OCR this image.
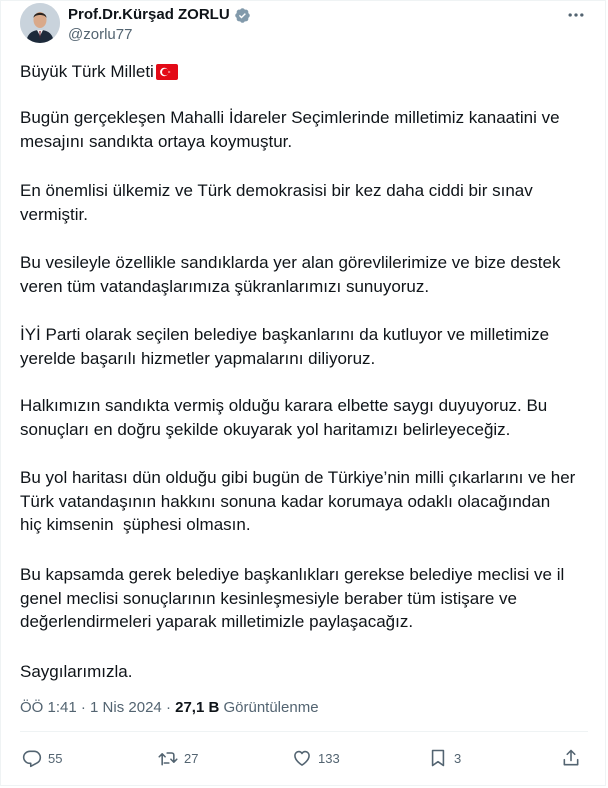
Prof.Dr.Kürşad ZORLU
@zorlu77

Büyük Türk Milleti

Bugün gerçekleşen Mahalli İdareler Seçimlerinde milletimiz kanaatini ve
mesajını sandıkta ortaya koymuştur.

En önemlisi ülkemiz ve Türk demokrasisi bir kez daha ciddi bir sınav
vermiştir.

Bu vesileyle özellikle sandıklarda yer alan görevlilerimize ve bize destek
veren tüm vatandaşlarımıza şükranlarımızı sunuyoruz.

İYİ Parti olarak seçilen belediye başkanlarını da kutluyor ve milletimize
yerelde başarılı hizmetler yapmalarını diliyoruz.

Halkımızın sandıkta vermiş olduğu karara elbette saygı duyuyoruz. Bu
sonuçları en doğru şekilde okuyarak yol haritamızı belirleyeceğiz.

Bu yol haritası dün olduğu gibi bugün de Türkiye’nin milli çıkarlarını ve her
Türk vatandaşının hakkını sonuna kadar korumaya odaklı olacağından
hiç kimsenin  şüphesi olmasın.

Bu kapsamda gerek belediye başkanlıkları gerekse belediye meclisi ve il
genel meclisi sonuçlarının kesinleşmesiyle beraber tüm istişare ve
değerlendirmeleri yaparak milletimizle paylaşacağız.

Saygılarımızla.

ÖÖ 1:41 · 1 Nis 2024 · 27,1 B Görüntülenme
55	27	133	3
